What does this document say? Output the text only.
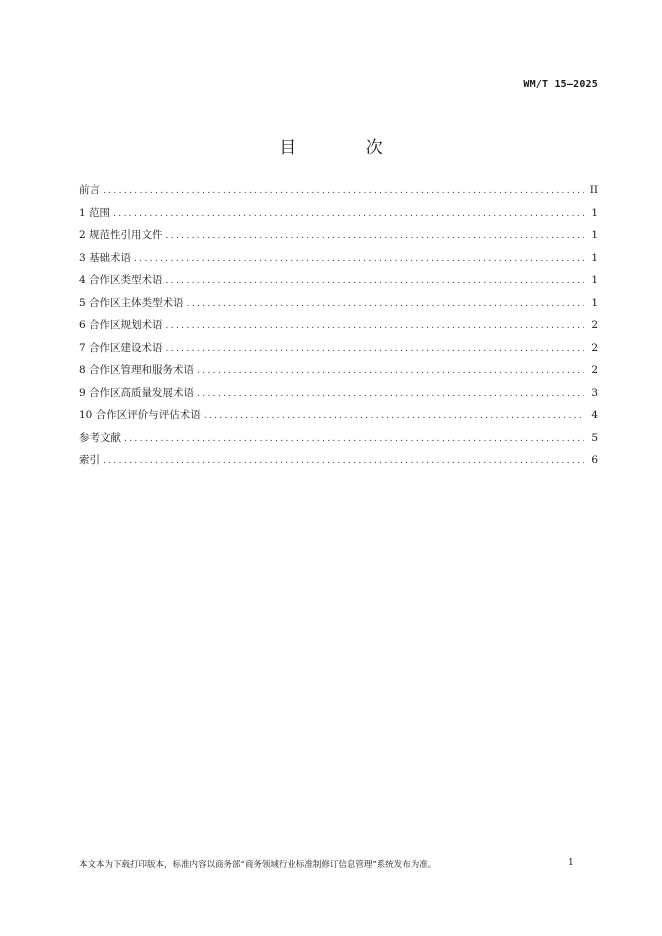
WM/T 15—2025
目 次
前言 .....	II
1 范围 .....	1
2 规范性引用文件 .....	1
3 基础术语 .....	1
4 合作区类型术语 .....	1
5 合作区主体类型术语 .....	1
6 合作区规划术语 .....	2
7 合作区建设术语 .....	2
8 合作区管理和服务术语 .....	2
9 合作区高质量发展术语 .....	3
10 合作区评价与评估术语 .....	4
参考文献 .....	5
索引 .....	6
本文本为下载打印版本，标准内容以商务部“商务领域行业标准制修订信息管理”系统发布为准。	1
